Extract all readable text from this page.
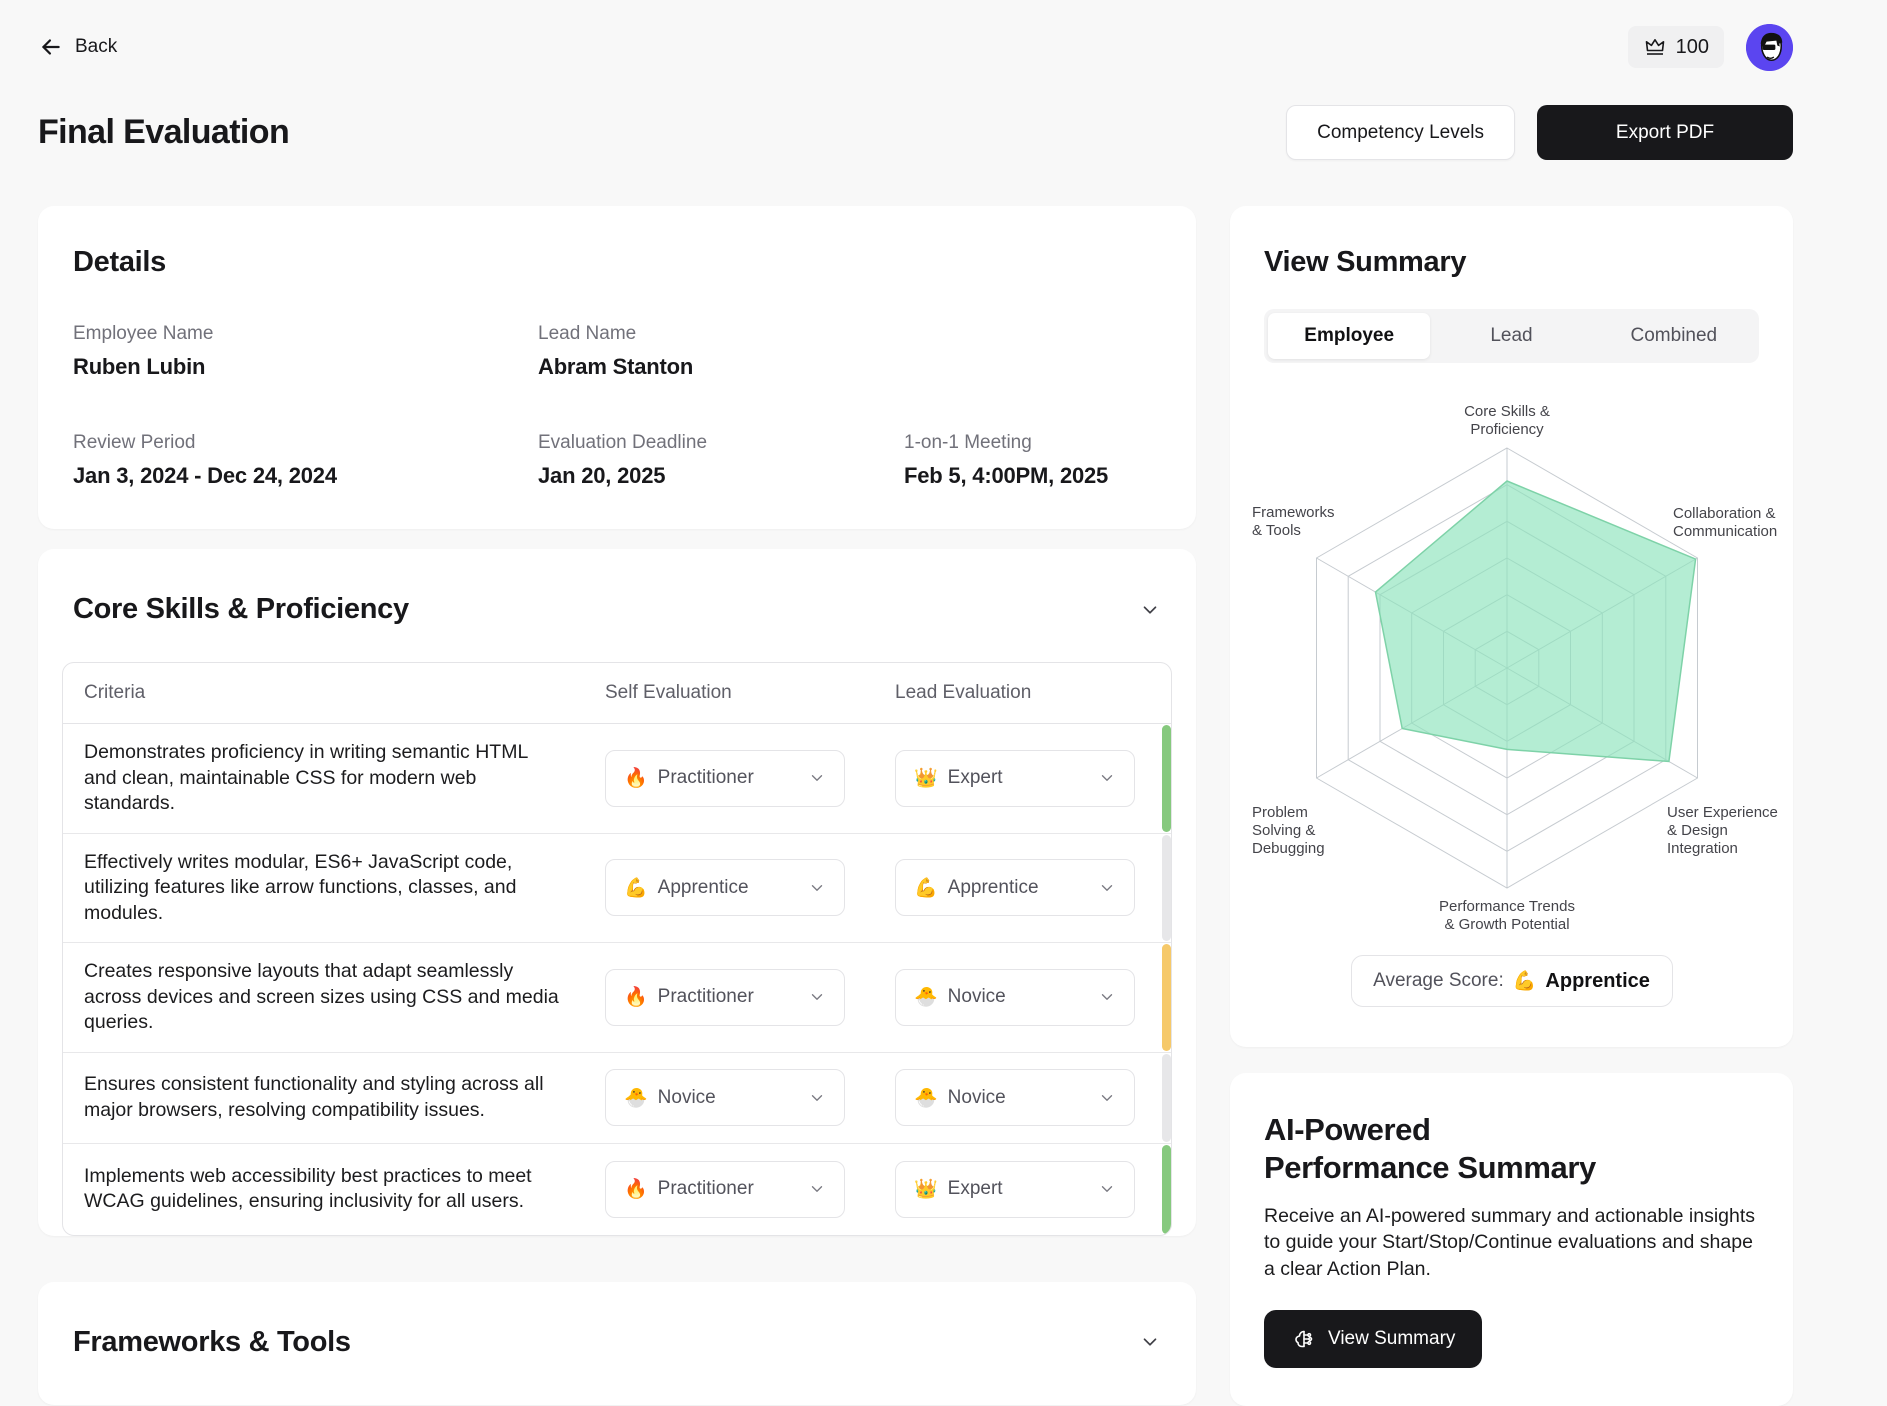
Back	100
Final Evaluation	Competency Levels	Export PDF
Details
Employee Name
Ruben Lubin
Lead Name
Abram Stanton
Review Period
Jan 3, 2024 - Dec 24, 2024
Evaluation Deadline
Jan 20, 2025
1-on-1 Meeting
Feb 5, 4:00PM, 2025
Core Skills & Proficiency
Criteria	Self Evaluation	Lead Evaluation
Demonstrates proficiency in writing semantic HTML and clean, maintainable CSS for modern web standards.
🔥 Practitioner	👑 Expert
Effectively writes modular, ES6+ JavaScript code, utilizing features like arrow functions, classes, and modules.
💪 Apprentice	💪 Apprentice
Creates responsive layouts that adapt seamlessly across devices and screen sizes using CSS and media queries.
🔥 Practitioner	🐣 Novice
Ensures consistent functionality and styling across all major browsers, resolving compatibility issues.
🐣 Novice	🐣 Novice
Implements web accessibility best practices to meet WCAG guidelines, ensuring inclusivity for all users.
🔥 Practitioner	👑 Expert
Frameworks & Tools
View Summary
Employee	Lead	Combined
Core Skills & Proficiency
Collaboration & Communication
User Experience & Design Integration
Performance Trends & Growth Potential
Problem Solving & Debugging
Frameworks & Tools
Average Score: 💪 Apprentice
AI-Powered
Performance Summary

Receive an AI-powered summary and actionable insights to guide your Start/Stop/Continue evaluations and shape a clear Action Plan.

View Summary
